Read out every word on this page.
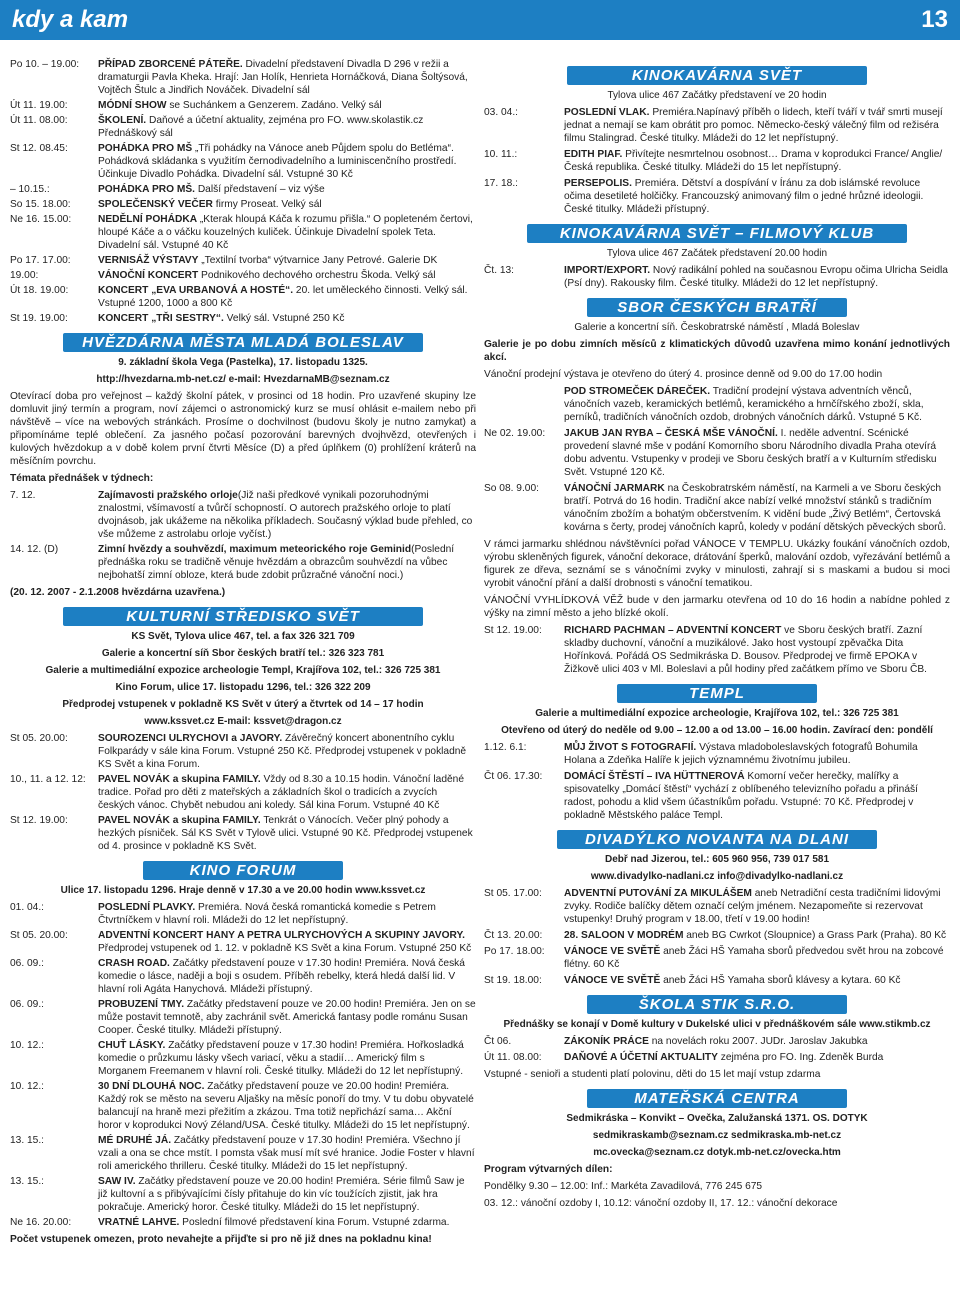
kdy a kam	13
Po 10. – 19.00:	PŘÍPAD ZBORCENÉ PÁTEŘE. Divadelní představení Divadla D 296 v režii a dramaturgii Pavla Kheka. Hrají: Jan Holík, Henrieta Hornáčková, Diana Šoltýsová, Vojtěch Štulc a Jindřich Nováček. Divadelní sál
Út 11. 19.00:	MÓDNÍ SHOW se Suchánkem a Genzerem. Zadáno. Velký sál
Út 11. 08.00:	ŠKOLENÍ. Daňové a účetní aktuality, zejména pro FO. www.skolastik.cz Přednáškový sál
St 12. 08.45:	POHÁDKA PRO MŠ „Tři pohádky na Vánoce aneb Půjdem spolu do Betléma“. Pohádková skládanka s využitím černodivadelního a luminiscenčního prostředí. Účinkuje Divadlo Pohádka. Divadelní sál. Vstupné 30 Kč
– 10.15.:	POHÁDKA PRO MŠ. Další představení – viz výše
So 15. 18.00:	SPOLEČENSKÝ VEČER firmy Proseat. Velký sál
Ne 16. 15.00:	NEDĚLNÍ POHÁDKA „Kterak hloupá Káča k rozumu přišla.“ O popleteném čertovi, hloupé Káče a o váčku kouzelných kuliček. Účinkuje Divadelní spolek Teta. Divadelní sál. Vstupné 40 Kč
Po 17. 17.00:	VERNISÁŽ VÝSTAVY „Textilní tvorba“ výtvarnice Jany Petrové. Galerie DK
19.00:	VÁNOČNÍ KONCERT Podnikového dechového orchestru Škoda. Velký sál
Út 18. 19.00:	KONCERT „EVA URBANOVÁ A HOSTÉ“. 20. let uměleckého činnosti. Velký sál. Vstupné 1200, 1000 a 800 Kč
St 19. 19.00:	KONCERT „TŘI SESTRY“. Velký sál. Vstupné 250 Kč
HVĚZDÁRNA MĚSTA MLADÁ BOLESLAV
9. základní škola Vega (Pastelka), 17. listopadu 1325.
http://hvezdarna.mb-net.cz/ e-mail: HvezdarnaMB@seznam.cz
Otevírací doba pro veřejnost – každý školní pátek, v prosinci od 18 hodin. Pro uzavřené skupiny lze domluvit jiný termín a program, noví zájemci o astronomický kurz se musí ohlásit e-mailem nebo při návštěvě – více na webových stránkách. Prosíme o dochvilnost (budovu školy je nutno zamykat) a připomínáme teplé oblečení. Za jasného počasí pozorování barevných dvojhvězd, otevřených i kulových hvězdokup a v době kolem první čtvrti Měsíce (D) a před úplňkem (0) prohlížení kráterů na měsíčním povrchu.
Témata přednášek v týdnech:
7. 12.	Zajímavosti pražského orloje(Již naši předkové vynikali pozoruhodnými znalostmi, všímavostí a tvůrčí schopností. O autorech pražského orloje to platí dvojnásob, jak ukážeme na několika příkladech. Současný výklad bude přehled, co vše můžeme z astrolabu orloje vyčíst.)
14. 12. (D)	Zimní hvězdy a souhvězdí, maximum meteorického roje Geminid(Poslední přednáška roku se tradičně věnuje hvězdám a obrazcům souhvězdí na vůbec nejbohatší zimní obloze, která bude zdobit průzračné vánoční noci.)
(20. 12. 2007 - 2.1.2008 hvězdárna uzavřena.)
KULTURNÍ STŘEDISKO SVĚT
KS Svět, Tylova ulice 467, tel. a fax 326 321 709
Galerie a koncertní síň Sbor českých bratří tel.: 326 323 781
Galerie a multimediální expozice archeologie Templ, Krajířova 102, tel.: 326 725 381
Kino Forum, ulice 17. listopadu 1296, tel.: 326 322 209
Předprodej vstupenek v pokladně KS Svět v úterý a čtvrtek od 14 – 17 hodin
www.kssvet.cz E-mail: kssvet@dragon.cz
St 05. 20.00:	SOUROZENCI ULRYCHOVI a JAVORY. Závěrečný koncert abonentního cyklu Folkparády v sále kina Forum. Vstupné 250 Kč. Předprodej vstupenek v pokladně KS Svět a kina Forum.
10., 11. a 12. 12:	PAVEL NOVÁK a skupina FAMILY. Vždy od 8.30 a 10.15 hodin. Vánoční laděné tradice. Pořad pro děti z mateřských a základních škol o tradicích a zvycích českých vánoc. Chybět nebudou ani koledy. Sál kina Forum. Vstupné 40 Kč
St 12. 19.00:	PAVEL NOVÁK a skupina FAMILY. Tenkrát o Vánocích. Večer plný pohody a hezkých písniček. Sál KS Svět v Tylově ulici. Vstupné 90 Kč. Předprodej vstupenek od 4. prosince v pokladně KS Svět.
KINO FORUM
Ulice 17. listopadu 1296. Hraje denně v 17.30 a ve 20.00 hodin www.kssvet.cz
01. 04.:	POSLEDNÍ PLAVKY. Premiéra. Nová česká romantická komedie s Petrem Čtvrtníčkem v hlavní roli. Mládeži do 12 let nepřístupný.
St 05. 20.00:	ADVENTNÍ KONCERT HANY A PETRA ULRYCHOVÝCH A SKUPINY JAVORY. Předprodej vstupenek od 1. 12. v pokladně KS Svět a kina Forum. Vstupné 250 Kč
06. 09.:	CRASH ROAD. Začátky představení pouze v 17.30 hodin! Premiéra. Nová česká komedie o lásce, naději a boji s osudem. Příběh rebelky, která hledá další lid. V hlavní roli Agáta Hanychová. Mládeži přístupný.
06. 09.:	PROBUZENÍ TMY. Začátky představení pouze ve 20.00 hodin! Premiéra. Jen on se může postavit temnotě, aby zachránil svět. Americká fantasy podle románu Susan Cooper. České titulky. Mládeži přístupný.
10. 12.:	CHUŤ LÁSKY. Začátky představení pouze v 17.30 hodin! Premiéra. Hořkosladká komedie o průzkumu lásky všech variací, věku a stadií… Americký film s Morganem Freemanem v hlavní roli. České titulky. Mládeži do 12 let nepřístupný.
10. 12.:	30 DNÍ DLOUHÁ NOC. Začátky představení pouze ve 20.00 hodin! Premiéra. Každý rok se město na severu Aljašky na měsíc ponoří do tmy. V tu dobu obyvatelé balancují na hraně mezi přežitím a zkázou. Tma totiž nepřichází sama… Akční horor v koprodukci Nový Zéland/USA. České titulky. Mládeži do 15 let nepřístupný.
13. 15.:	MÉ DRUHÉ JÁ. Začátky představení pouze v 17.30 hodin! Premiéra. Všechno jí vzali a ona se chce mstít. I pomsta však musí mít své hranice. Jodie Foster v hlavní roli amerického thrilleru. České titulky. Mládeži do 15 let nepřístupný.
13. 15.:	SAW IV. Začátky představení pouze ve 20.00 hodin! Premiéra. Série filmů Saw je již kultovní a s přibývajícími čísly přitahuje do kin víc toužících zjistit, jak hra pokračuje. Americký horor. České titulky. Mládeži do 15 let nepřístupný.
Ne 16. 20.00:	VRATNÉ LAHVE. Poslední filmové představení kina Forum. Vstupné zdarma.
Počet vstupenek omezen, proto nevahejte a přijďte si pro ně již dnes na pokladnu kina!
KINOKAVÁRNA SVĚT
Tylova ulice 467 Začátky představení ve 20 hodin
03. 04.:	POSLEDNÍ VLAK. Premiéra.Napínavý příběh o lidech, kteří tváří v tvář smrti musejí jednat a nemají se kam obrátit pro pomoc. Německo-český válečný film od režiséra filmu Stalingrad. České titulky. Mládeži do 12 let nepřístupný.
10. 11.:	EDITH PIAF. Přivítejte nesmrtelnou osobnost… Drama v koprodukci France/ Anglie/Česká republika. České titulky. Mládeži do 15 let nepřístupný.
17. 18.:	PERSEPOLIS. Premiéra. Dětství a dospívání v Íránu za dob islámské revoluce očima desetileté holčičky. Francouzský animovaný film o jedné hrůzné ideologii. České titulky. Mládeži přístupný.
KINOKAVÁRNA SVĚT – FILMOVÝ KLUB
Tylova ulice 467 Začátek představení 20.00 hodin
Čt. 13:	IMPORT/EXPORT. Nový radikální pohled na současnou Evropu očima Ulricha Seidla (Psí dny). Rakousky film. České titulky. Mládeži do 12 let nepřístupný.
SBOR ČESKÝCH BRATŘÍ
Galerie a koncertní síň. Českobratrské náměstí , Mladá Boleslav
Galerie je po dobu zimních měsíců z klimatických důvodů uzavřena mimo konání jednotlivých akcí.
Vánoční prodejní výstava je otevřeno do úterý 4. prosince denně od 9.00 do 17.00 hodin
POD STROMEČEK DÁREČEK. Tradiční prodejní výstava adventních věnců, vánočních vazeb, keramických betlémů, keramického a hrnčířského zboží, skla, perníků, tradičních vánočních ozdob, drobných vánočních dárků. Vstupné 5 Kč.
Ne 02. 19.00:	JAKUB JAN RYBA – ČESKÁ MŠE VÁNOČNÍ. I. neděle adventní. Scénické provedení slavné mše v podání Komorního sboru Národního divadla Praha otevírá dobu adventu. Vstupenky v prodeji ve Sboru českých bratří a v Kulturním středisku Svět. Vstupné 120 Kč.
So 08. 9.00:	VÁNOČNÍ JARMARK na Českobratrském náměstí, na Karmeli a ve Sboru českých bratří. Potrvá do 16 hodin. Tradiční akce nabízí velké množství stánků s tradičním vánočním zbožím a bohatým občerstvením. K vidění bude „Živý Betlém“, Čertovská kovárna s čerty, prodej vánočních kaprů, koledy v podání dětských pěveckých sborů.
V rámci jarmarku shlédnou návštěvníci pořad VÁNOCE V TEMPLU. Ukázky foukání vánočních ozdob, výrobu skleněných figurek, vánoční dekorace, drátování šperků, malování ozdob, vyřezávání betlémů a figurek ze dřeva, seznámí se s vánočními zvyky v minulosti, zahrají si s maskami a budou si moci vyrobit vánoční přání a další drobnosti s vánoční tematikou.
VÁNOČNÍ VYHLÍDKOVÁ VĚŽ bude v den jarmarku otevřena od 10 do 16 hodin a nabídne pohled z výšky na zimní město a jeho blízké okolí.
St 12. 19.00:	RICHARD PACHMAN – ADVENTNÍ KONCERT ve Sboru českých bratří. Zazní skladby duchovní, vánoční a muzikálové. Jako host vystoupí zpěvačka Dita Hořínková. Pořádá OS Sedmikráska D. Bousov. Předprodej ve firmě EPOKA v Žižkově ulici 403 v Ml. Boleslavi a půl hodiny před začátkem přímo ve Sboru ČB.
TEMPL
Galerie a multimediální expozice archeologie, Krajířova 102, tel.: 326 725 381
Otevřeno od úterý do neděle od 9.00 – 12.00 a od 13.00 – 16.00 hodin. Zavírací den: pondělí
1.12. 6.1:	MŮJ ŽIVOT S FOTOGRAFIÍ. Výstava mladoboleslavských fotografů Bohumila Holana a Zdeňka Halíře k jejich významnému životnímu jubileu.
Čt 06. 17.30:	DOMÁCÍ ŠTĚSTÍ – IVA HÜTTNEROVÁ Komorní večer herečky, malířky a spisovatelky „Domácí štěstí“ vychází z oblíbeného televizního pořadu a přináší radost, pohodu a klid všem účastníkům pořadu. Vstupné: 70 Kč. Předprodej v pokladně Městského paláce Templ.
DIVADÝLKO NOVANTA NA DLANI
Debř nad Jizerou, tel.: 605 960 956, 739 017 581
www.divadylko-nadlani.cz info@divadylko-nadlani.cz
St 05. 17.00:	ADVENTNÍ PUTOVÁNÍ ZA MIKULÁŠEM aneb Netradiční cesta tradičními lidovými zvyky. Rodiče balíčky dětem označí celým jménem. Nezapomeňte si rezervovat vstupenky! Druhý program v 18.00, třetí v 19.00 hodin!
Čt 13. 20.00:	28. SALOON V MODRÉM aneb BG Cwrkot (Sloupnice) a Grass Park (Praha). 80 Kč
Po 17. 18.00:	VÁNOCE VE SVĚTĚ aneb Žáci HŠ Yamaha sborů předvedou svět hrou na zobcové flétny. 60 Kč
St 19. 18.00:	VÁNOCE VE SVĚTĚ aneb Žáci HŠ Yamaha sborů klávesy a kytara. 60 Kč
ŠKOLA STIK S.R.O.
Přednášky se konají v Domě kultury v Dukelské ulici v přednáškovém sále www.stikmb.cz
Čt 06.	ZÁKONÍK PRÁCE na novelách roku 2007. JUDr. Jaroslav Jakubka
Út 11. 08.00:	DAŇOVÉ A ÚČETNÍ AKTUALITY zejména pro FO. Ing. Zdeněk Burda
Vstupné - senioři a studenti platí polovinu, děti do 15 let mají vstup zdarma
MATEŘSKÁ CENTRA
Sedmikráska – Konvikt – Ovečka, Zalužanská 1371. OS. DOTYK
sedmikraskamb@seznam.cz sedmikraska.mb-net.cz
mc.ovecka@seznam.cz dotyk.mb-net.cz/ovecka.htm
Program výtvarných dílen:
Pondělky 9.30 – 12.00: Inf.: Markéta Zavadilová, 776 245 675
03. 12.: vánoční ozdoby I, 10.12: vánoční ozdoby II, 17. 12.: vánoční dekorace
